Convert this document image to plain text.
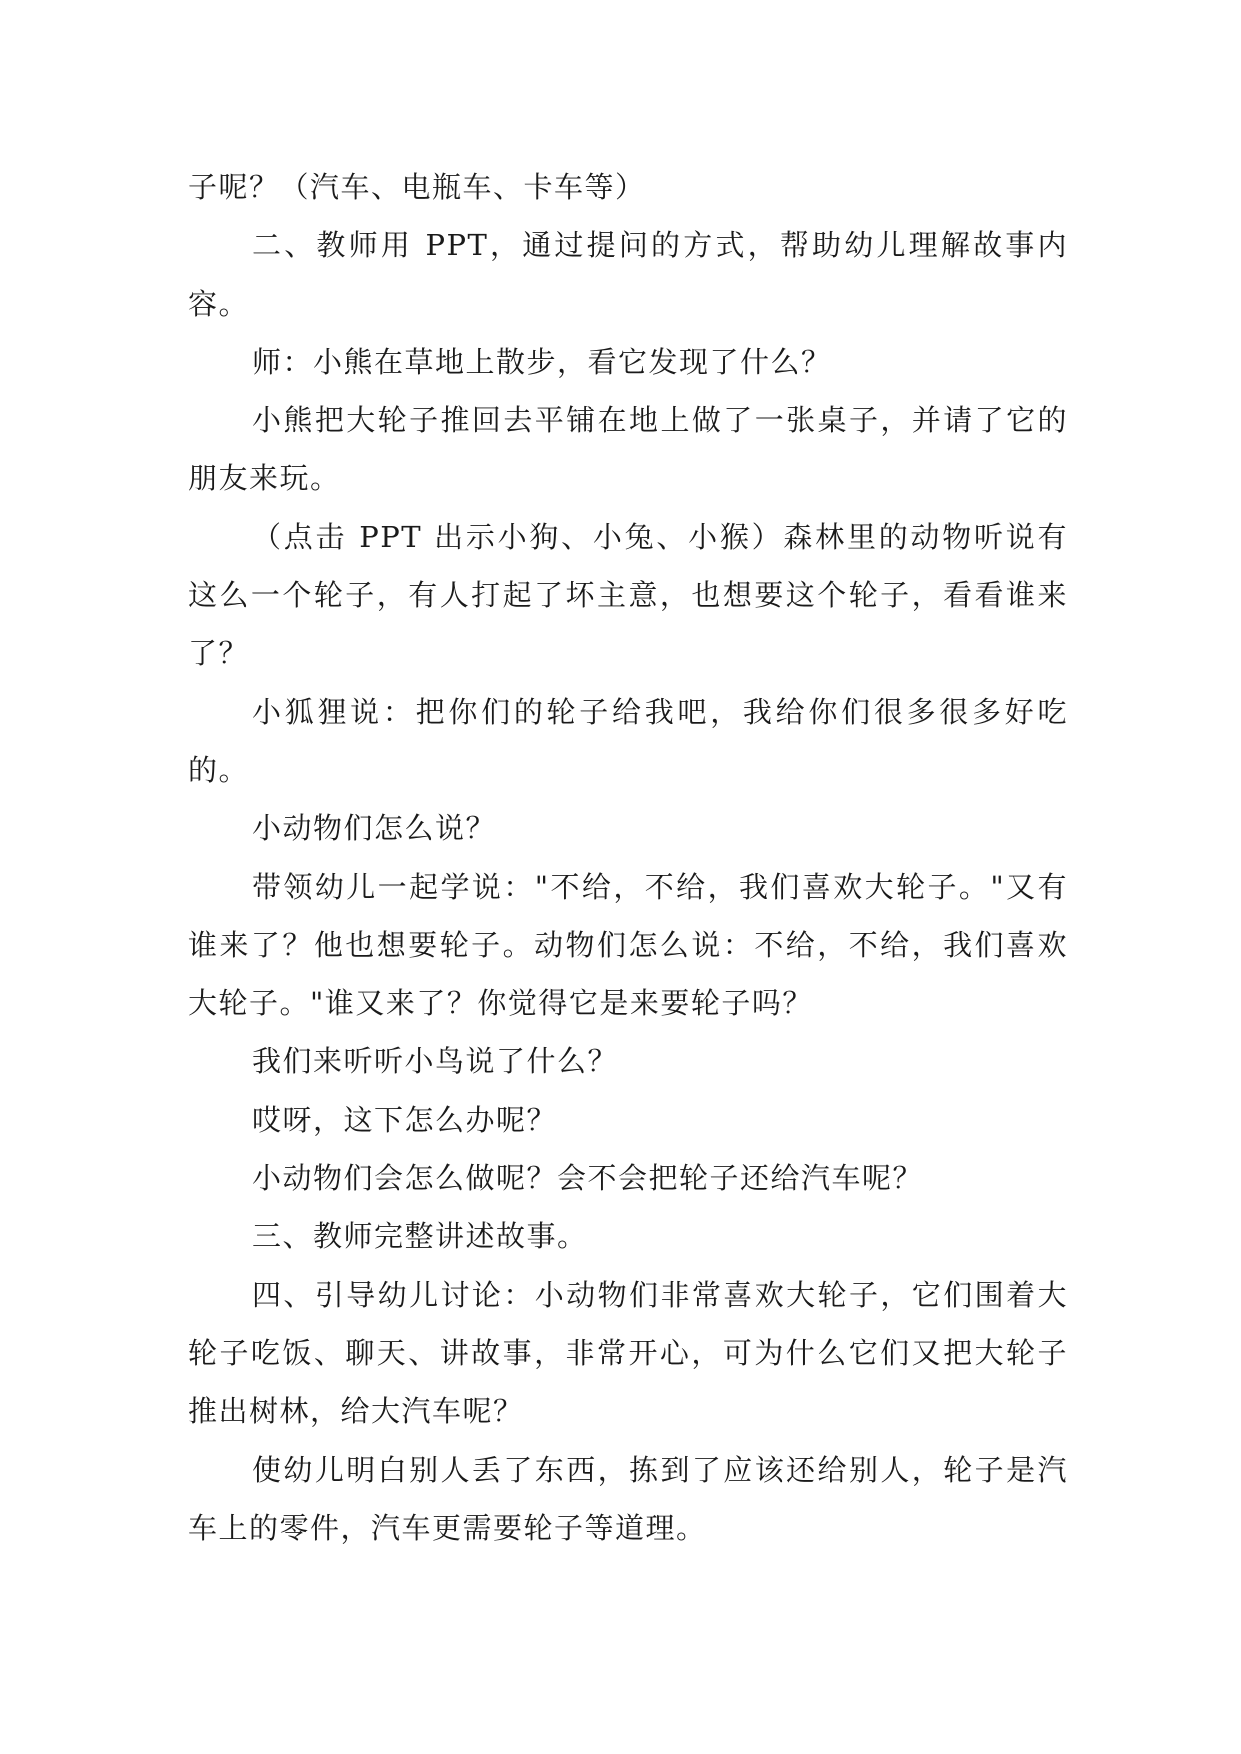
子呢？（汽车、电瓶车、卡车等）

二、教师用 PPT，通过提问的方式，帮助幼儿理解故事内容。

师：小熊在草地上散步，看它发现了什么？

小熊把大轮子推回去平铺在地上做了一张桌子，并请了它的朋友来玩。

（点击 PPT 出示小狗、小兔、小猴）森林里的动物听说有这么一个轮子，有人打起了坏主意，也想要这个轮子，看看谁来了？

小狐狸说：把你们的轮子给我吧，我给你们很多很多好吃的。

小动物们怎么说？

带领幼儿一起学说："不给，不给，我们喜欢大轮子。"又有谁来了？他也想要轮子。动物们怎么说：不给，不给，我们喜欢大轮子。"谁又来了？你觉得它是来要轮子吗？

我们来听听小鸟说了什么？

哎呀，这下怎么办呢？

小动物们会怎么做呢？会不会把轮子还给汽车呢？

三、教师完整讲述故事。

四、引导幼儿讨论：小动物们非常喜欢大轮子，它们围着大轮子吃饭、聊天、讲故事，非常开心，可为什么它们又把大轮子推出树林，给大汽车呢？

使幼儿明白别人丢了东西，拣到了应该还给别人，轮子是汽车上的零件，汽车更需要轮子等道理。
